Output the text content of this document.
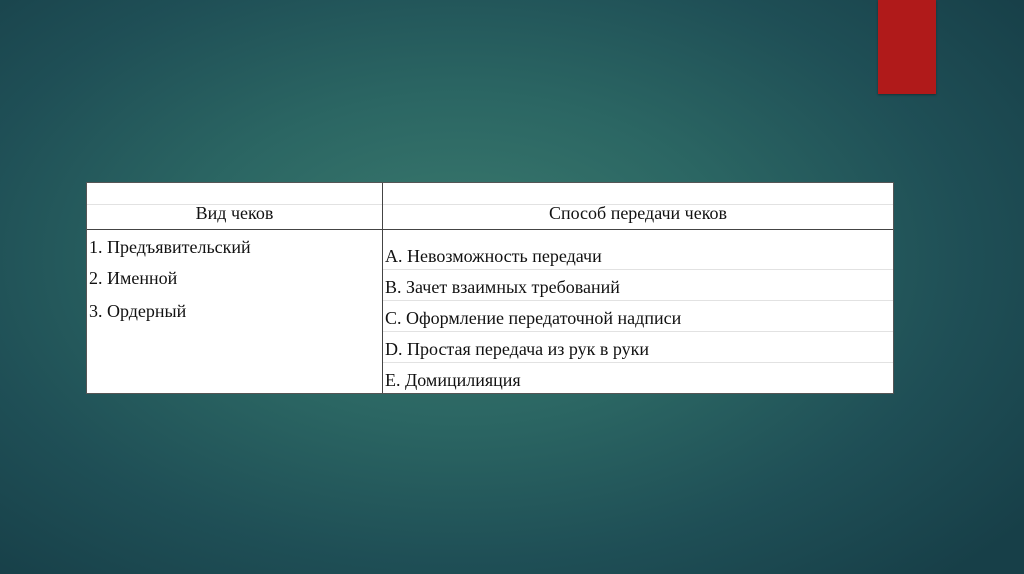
Вид чеков	Способ передачи чеков
1. Предъявительский
2. Именной
3. Ордерный
A. Невозможность передачи
B. Зачет взаимных требований
C. Оформление передаточной надписи
D. Простая передача из рук в руки
E. Домицилияция
